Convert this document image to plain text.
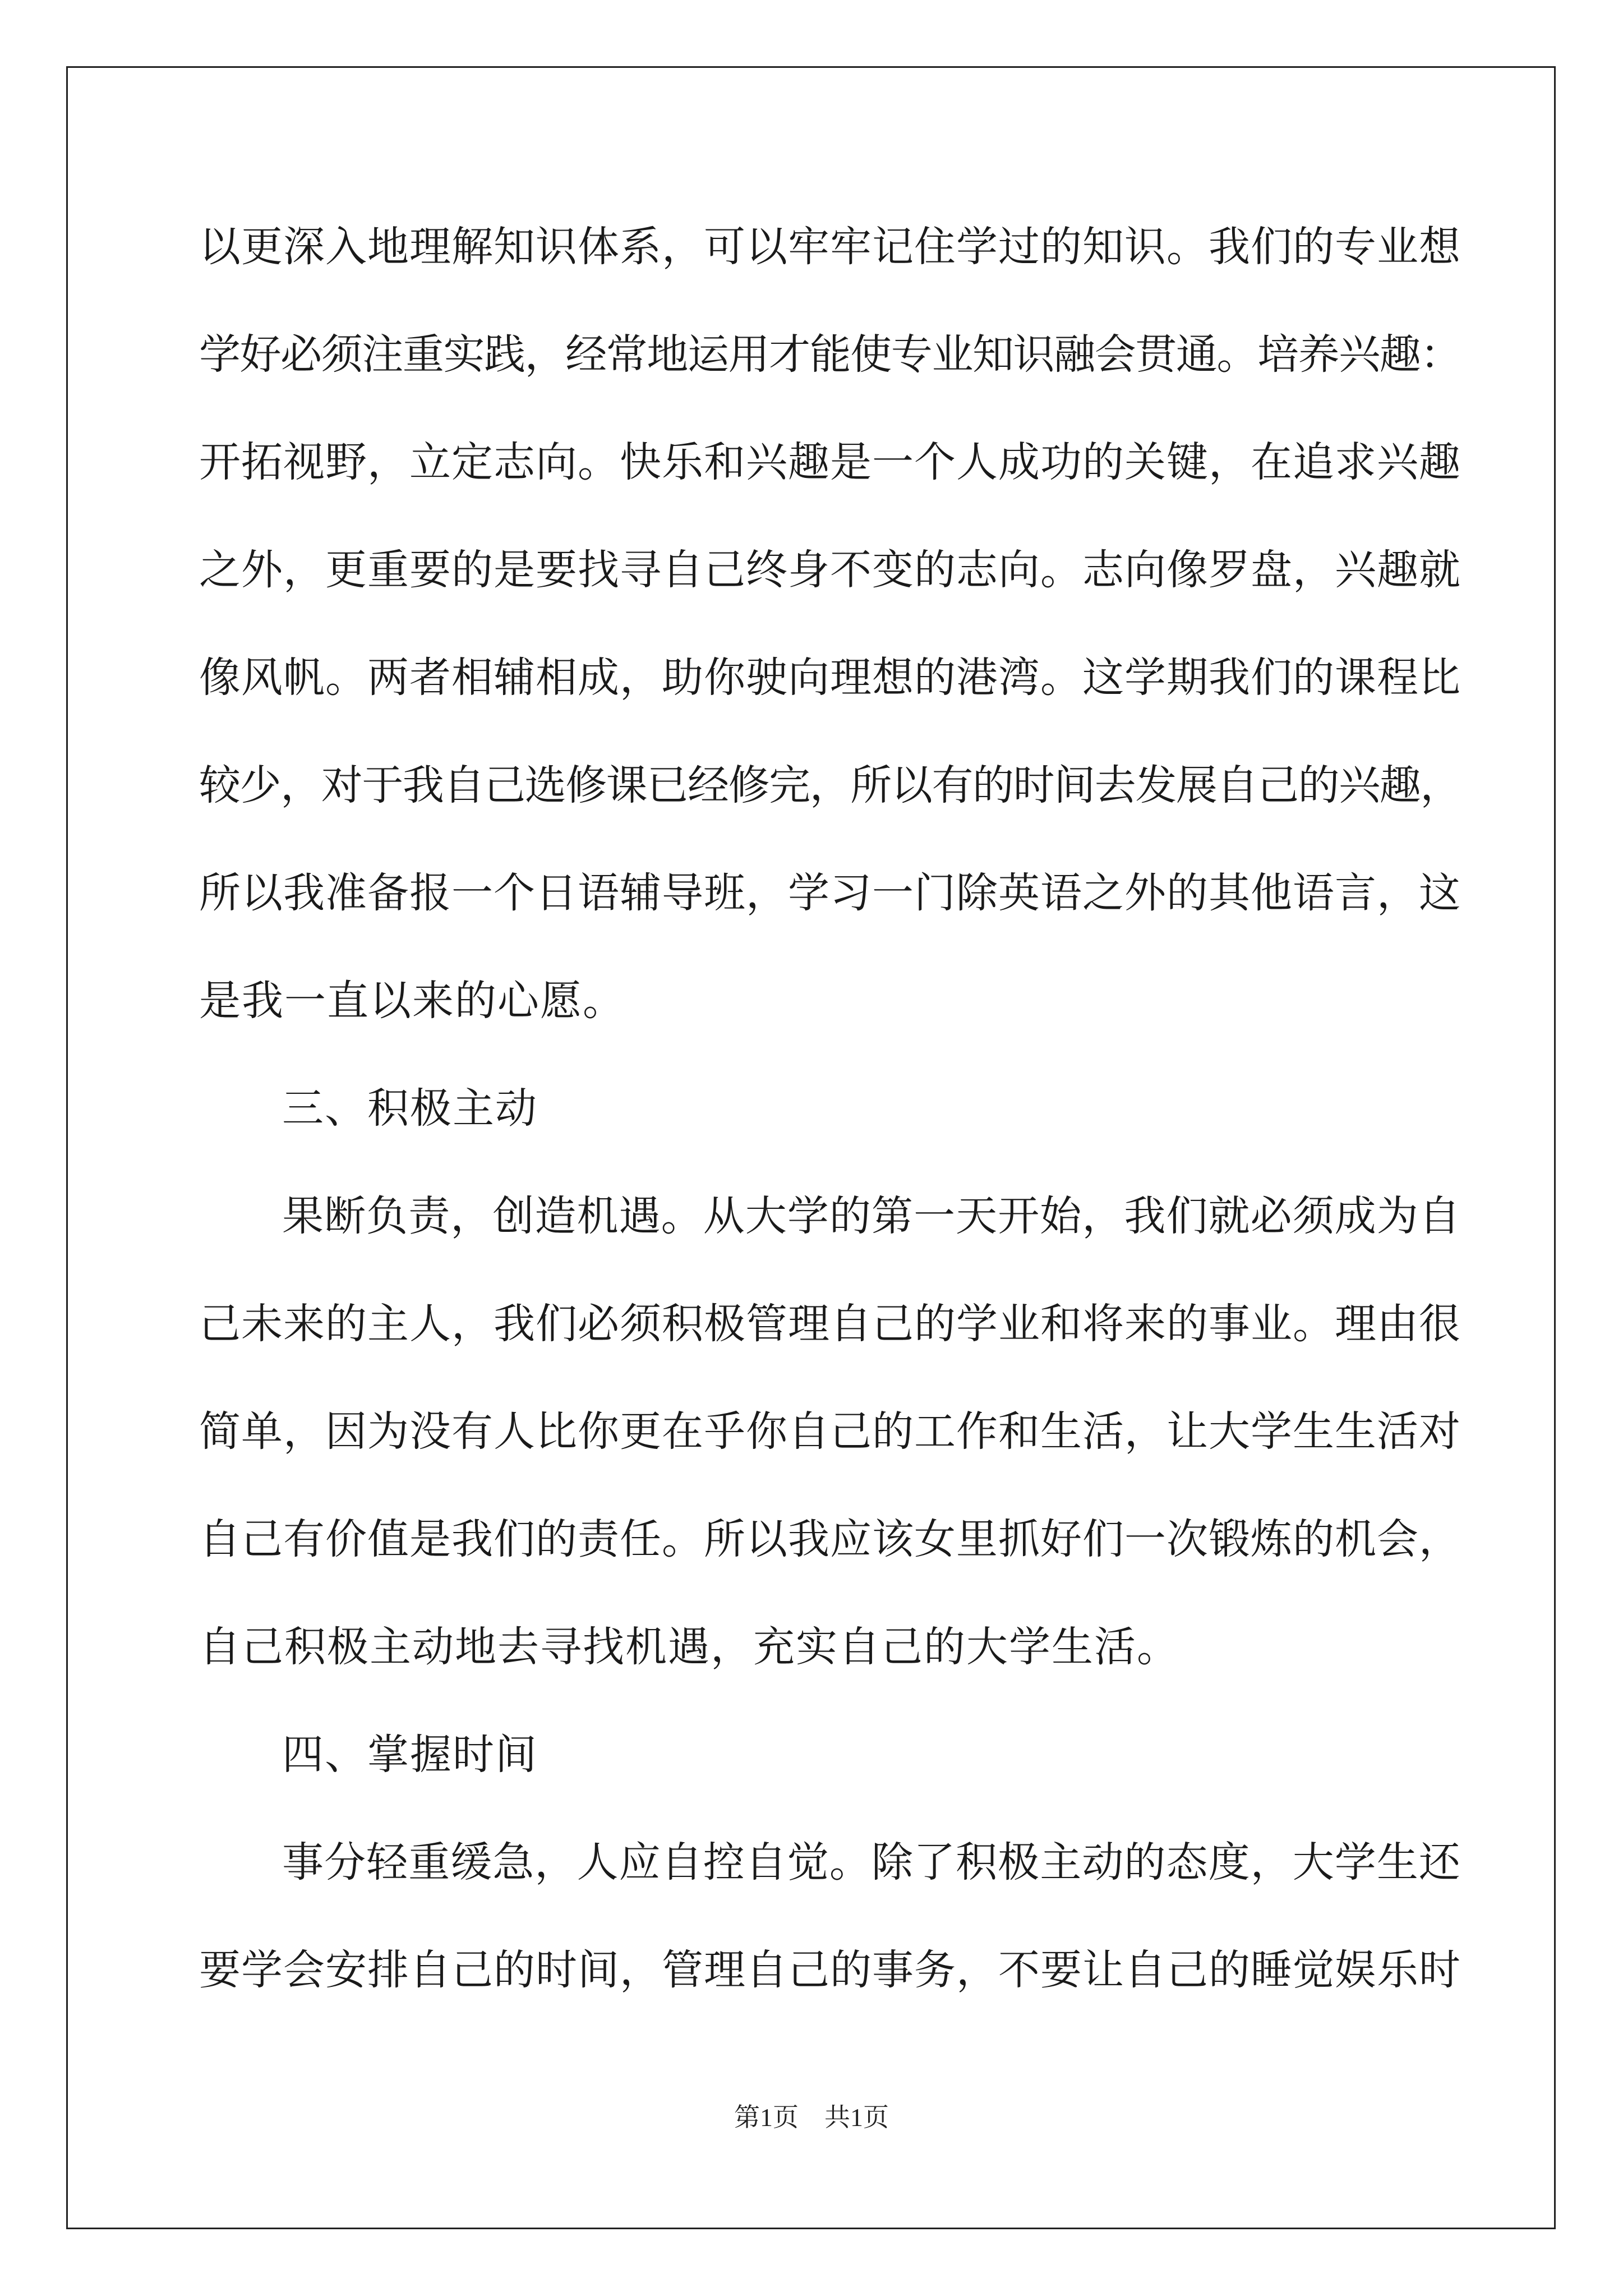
以更深入地理解知识体系，可以牢牢记住学过的知识。我们的专业想
学好必须注重实践，经常地运用才能使专业知识融会贯通。培养兴趣：
开拓视野，立定志向。快乐和兴趣是一个人成功的关键，在追求兴趣
之外，更重要的是要找寻自己终身不变的志向。志向像罗盘，兴趣就
像风帆。两者相辅相成，助你驶向理想的港湾。这学期我们的课程比
较少，对于我自己选修课已经修完，所以有的时间去发展自己的兴趣，
所以我准备报一个日语辅导班，学习一门除英语之外的其他语言，这
是我一直以来的心愿。
三、积极主动
果断负责，创造机遇。从大学的第一天开始，我们就必须成为自
己未来的主人，我们必须积极管理自己的学业和将来的事业。理由很
简单，因为没有人比你更在乎你自己的工作和生活，让大学生生活对
自己有价值是我们的责任。所以我应该女里抓好们一次锻炼的机会，
自己积极主动地去寻找机遇，充实自己的大学生活。
四、掌握时间
事分轻重缓急，人应自控自觉。除了积极主动的态度，大学生还
要学会安排自己的时间，管理自己的事务，不要让自己的睡觉娱乐时
第1页　共1页
